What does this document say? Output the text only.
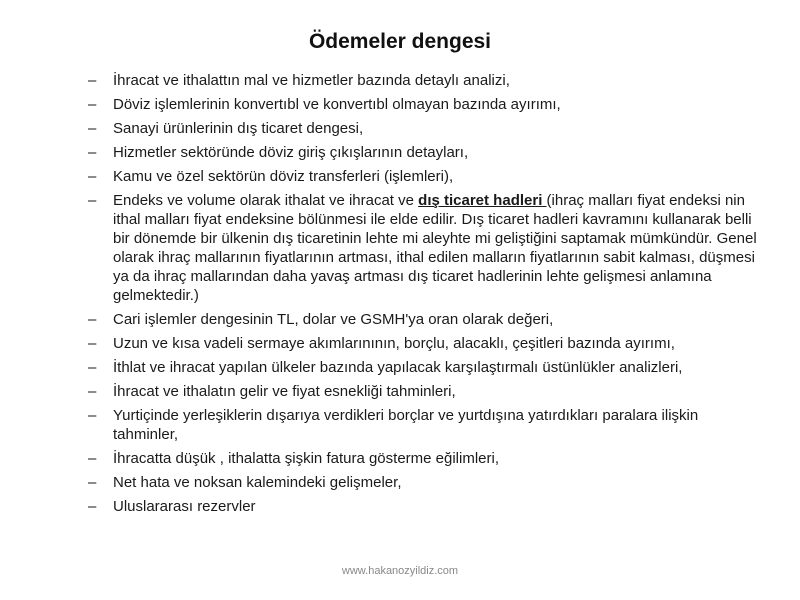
Ödemeler dengesi
–	İhracat ve ithalattın mal ve hizmetler bazında detaylı analizi,
–	Döviz işlemlerinin konvertıbl ve konvertıbl olmayan bazında ayırımı,
–	Sanayi ürünlerinin dış ticaret dengesi,
–	Hizmetler sektöründe döviz giriş çıkışlarının detayları,
–	Kamu ve özel sektörün döviz transferleri (işlemleri),
–	Endeks ve volume olarak ithalat ve ihracat ve dış ticaret hadleri (ihraç malları fiyat endeksi nin ithal malları fiyat endeksine bölünmesi ile elde edilir. Dış ticaret hadleri kavramını kullanarak belli bir dönemde bir ülkenin dış ticaretinin lehte mi aleyhte mi geliştiğini saptamak mümkündür. Genel olarak ihraç mallarının fiyatlarının artması, ithal edilen malların fiyatlarının sabit kalması, düşmesi ya da ihraç mallarından daha yavaş artması dış ticaret hadlerinin lehte gelişmesi anlamına gelmektedir.)
–	Cari işlemler dengesinin TL, dolar ve GSMH'ya oran olarak değeri,
–	Uzun ve kısa vadeli sermaye akımlarınının, borçlu, alacaklı, çeşitleri bazında ayırımı,
–	İthlat ve ihracat yapılan ülkeler bazında yapılacak karşılaştırmalı üstünlükler analizleri,
–	İhracat ve ithalatın gelir ve fiyat esnekliği tahminleri,
–	Yurtiçinde yerleşiklerin dışarıya verdikleri borçlar ve yurtdışına yatırdıkları paralara ilişkin tahminler,
–	İhracatta düşük , ithalatta şişkin fatura gösterme eğilimleri,
–	Net hata ve noksan kalemindeki gelişmeler,
–	Uluslararası rezervler
www.hakanozyildiz.com
